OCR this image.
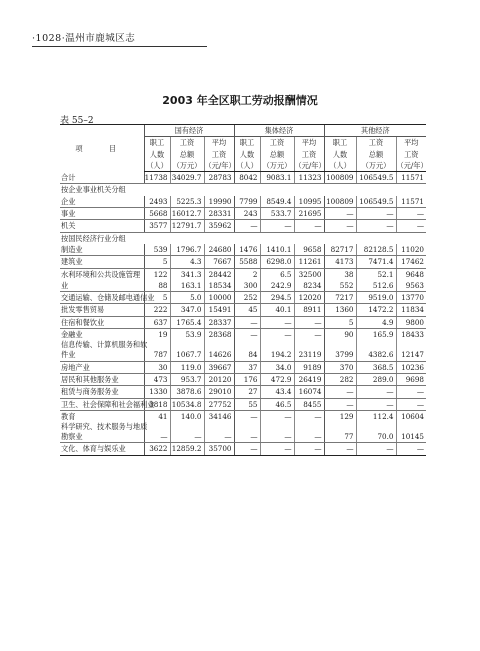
·1028·温州市鹿城区志
2003 年全区职工劳动报酬情况
表 55–2
项 目	国有经济			集体经济			其他经济		
	职工	工资	平均	职工	工资	平均	职工	工资	平均
	人数	总额	工资	人数	总额	工资	人数	总额	工资
	（人）	（万元）	（元/年）	（人）	（万元）	（元/年）	（人）	（万元）	（元/年）
合计	11738	34029.7	28783	8042	9083.1	11323	100809	106549.5	11571
按企业事业机关分组									
企业	2493	5225.3	19990	7799	8549.4	10995	100809	106549.5	11571
事业	5668	16012.7	28331	243	533.7	21695	—	—	—
机关	3577	12791.7	35962	—	—	—	—	—	—
按国民经济行业分组									
制造业	539	1796.7	24680	1476	1410.1	9658	82717	82128.5	11020
建筑业	5	4.3	7667	5588	6298.0	11261	4173	7471.4	17462
水利环境和公共设施管理	122	341.3	28442	2	6.5	32500	38	52.1	9648
业	88	163.1	18534	300	242.9	8234	552	512.6	9563
交通运输、仓储及邮电通信业	5	5.0	10000	252	294.5	12020	7217	9519.0	13770
批发零售贸易	222	347.0	15491	45	40.1	8911	1360	1472.2	11834
住宿和餐饮业	637	1765.4	28337	—	—	—	5	4.9	9800
金融业	19	53.9	28368	—	—	—	90	165.9	18433
信息传输、计算机服务和软									
件业	787	1067.7	14626	84	194.2	23119	3799	4382.6	12147
房地产业	30	119.0	39667	37	34.0	9189	370	368.5	10236
居民和其他服务业	473	953.7	20120	176	472.9	26419	282	289.0	9698
租赁与商务服务业	1330	3878.6	29010	27	43.4	16074	—	—	—
卫生、社会保障和社会福利业	3818	10534.8	27752	55	46.5	8455	—	—	—
教育	41	140.0	34146	—	—	—	129	112.4	10604
科学研究、技术服务与地质									
勘察业	—	—	—	—	—	—	77	70.0	10145
文化、体育与娱乐业	3622	12859.2	35700	—	—	—	—	—	—
